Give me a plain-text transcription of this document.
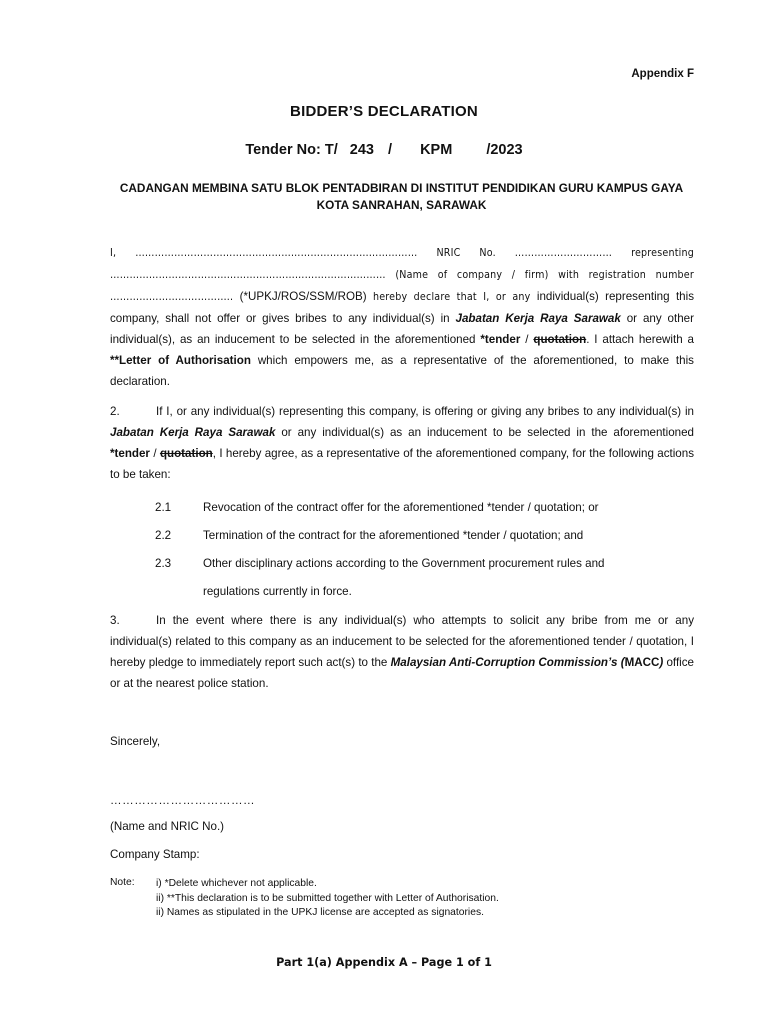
Appendix F
BIDDER’S DECLARATION
Tender No: T/ 243 / KPM /2023
CADANGAN MEMBINA SATU BLOK PENTADBIRAN DI INSTITUT PENDIDIKAN GURU KAMPUS GAYA KOTA SANRAHAN, SARAWAK
I, …………………………………………………………………………… NRIC No. ………………………… representing ………………………………………………………….……………… (Name of company / firm) with registration number ……………………………….. (*UPKJ/ROS/SSM/ROB) hereby declare that I, or any individual(s) representing this company, shall not offer or gives bribes to any individual(s) in Jabatan Kerja Raya Sarawak or any other individual(s), as an inducement to be selected in the aforementioned *tender / quotation. I attach herewith a **Letter of Authorisation which empowers me, as a representative of the aforementioned, to make this declaration.
2.	If I, or any individual(s) representing this company, is offering or giving any bribes to any individual(s) in Jabatan Kerja Raya Sarawak or any individual(s) as an inducement to be selected in the aforementioned *tender / quotation, I hereby agree, as a representative of the aforementioned company, for the following actions to be taken:
2.1	Revocation of the contract offer for the aforementioned *tender / quotation; or
2.2	Termination of the contract for the aforementioned *tender / quotation; and
2.3	Other disciplinary actions according to the Government procurement rules and
regulations currently in force.
3.	In the event where there is any individual(s) who attempts to solicit any bribe from me or any individual(s) related to this company as an inducement to be selected for the aforementioned tender / quotation, I hereby pledge to immediately report such act(s) to the Malaysian Anti-Corruption Commission’s (MACC) office or at the nearest police station.
Sincerely,
………………………………
(Name and NRIC No.)
Company Stamp:
Note: i) *Delete whichever not applicable.
ii) **This declaration is to be submitted together with Letter of Authorisation.
ii) Names as stipulated in the UPKJ license are accepted as signatories.
Part 1(a) Appendix A – Page 1 of 1
